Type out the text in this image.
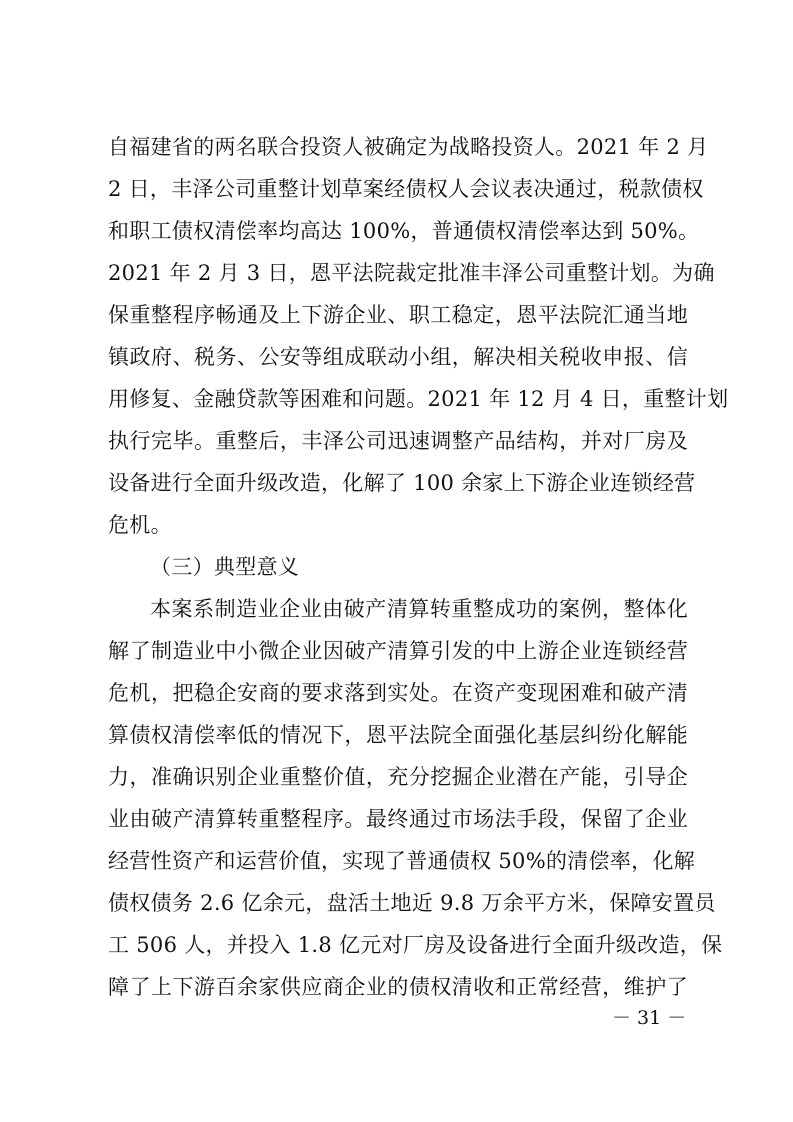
自福建省的两名联合投资人被确定为战略投资人。2021 年 2 月
2 日，丰泽公司重整计划草案经债权人会议表决通过，税款债权
和职工债权清偿率均高达 100%，普通债权清偿率达到 50%。
2021 年 2 月 3 日，恩平法院裁定批准丰泽公司重整计划。为确
保重整程序畅通及上下游企业、职工稳定，恩平法院汇通当地
镇政府、税务、公安等组成联动小组，解决相关税收申报、信
用修复、金融贷款等困难和问题。2021 年 12 月 4 日，重整计划
执行完毕。重整后，丰泽公司迅速调整产品结构，并对厂房及
设备进行全面升级改造，化解了 100 余家上下游企业连锁经营
危机。
（三）典型意义
本案系制造业企业由破产清算转重整成功的案例，整体化
解了制造业中小微企业因破产清算引发的中上游企业连锁经营
危机，把稳企安商的要求落到实处。在资产变现困难和破产清
算债权清偿率低的情况下，恩平法院全面强化基层纠纷化解能
力，准确识别企业重整价值，充分挖掘企业潜在产能，引导企
业由破产清算转重整程序。最终通过市场法手段，保留了企业
经营性资产和运营价值，实现了普通债权 50%的清偿率，化解
债权债务 2.6 亿余元，盘活土地近 9.8 万余平方米，保障安置员
工 506 人，并投入 1.8 亿元对厂房及设备进行全面升级改造，保
障了上下游百余家供应商企业的债权清收和正常经营，维护了
－ 31 －
